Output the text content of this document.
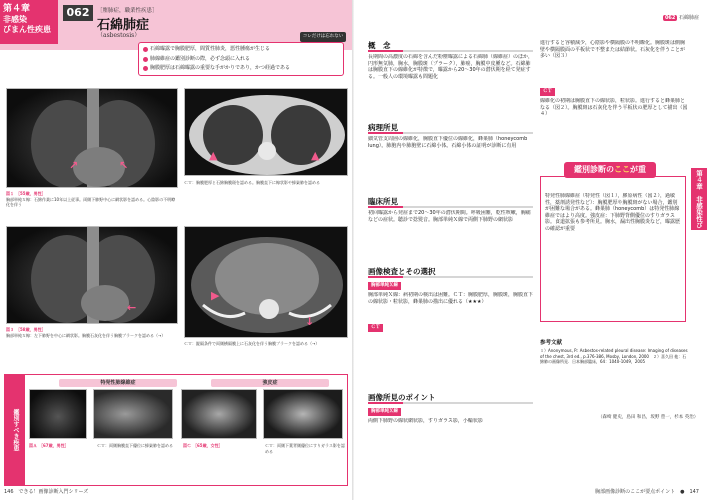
第４章
非感染
びまん性疾患
062	［塵肺症，職業性疾患］
石綿肺症
（asbestosis）	コレだけは忘れない
石綿曝露で胸膜肥厚，間質性肺炎，悪性腫瘍が生じる
肺線維症の鑑別診断の際，必ず念頭に入れる
胸膜肥厚は石綿曝露の重要な手がかりであり，かつ経過である
↗	↖
図１　［55歳，男性］
胸部単純Ｘ線：石綿作業に10年以上従事。両側下肺野中心に網状影を認める。心陰影の不明瞭化を伴う
▲	▲
ＣＴ：胸膜肥厚と石綿胸膜斑を認める。胸膜直下に線状影や蜂巣肺を認める
←
図３　［58歳，男性］
胸部単純Ｘ線：左下肺野を中心に網状影。胸膜石灰化を伴う胸膜プラークを認める（→）
▶
↓
ＣＴ：縦隔条件で両側横隔膜上に石灰化を伴う胸膜プラークを認める（→）
鑑別すべき疾患
特発性肺線維症	強皮症
図Ａ　［67歳，男性］	ＣＴ：両側胸膜直下優位に蜂巣肺を認める	図Ｃ　［65歳，女性］	ＣＴ：両側下葉背側優位にすりガラス影を認める
146　できる！画像診断入門シリーズ
062 石綿肺症
概　念
長期間の高濃度の石綿を含んだ粉塵曝露による石綿肺（線維症）のほか，円形無気肺，胸水，胸膜斑（プラーク），肺癌，胸膜中皮腫など。石綿肺は胸膜直下の線維化が特徴で，曝露から20〜30年の潜伏期を経て発症する。一般人の環境曝露も問題化
病理所見
細気管支周囲の線維化，胸膜直下優位の線維化，蜂巣肺（honeycomb lung）。肺胞内や肺胞壁に石綿小体。石綿小体の証明が診断に有用
臨床所見
初回曝露から発症まで20〜30年の潜伏期間。呼吸困難，乾性咳嗽，胸痛などの症状。聴診で捻髪音。胸部単純Ｘ線で両側下肺野の網状影
画像検査とその選択
胸部単純Ｘ線
胸部単純Ｘ線：病初期の検出は困難。ＣＴ：胸膜肥厚，胸膜斑，胸膜直下の線状影・粒状影，蜂巣肺の描出に優れる（★★★）
ＣＴ
画像所見のポイント
胸部単純Ｘ線
両側下肺野の線状網状影，すりガラス影，小輪状影
進行すると容積減少，心陰影や横隔膜の不明瞭化。胸膜斑は側胸壁や横隔膜面の平板状で不整または結節状。石灰化を伴うことが多い（図３）
ＣＴ
線維化の初期は胸膜直下の線状影，粒状影。進行すると蜂巣肺となる（図２）。胸膜斑は石灰化を伴う平板状の肥厚として描出（図４）
第４章　非感染性び
特発性肺線維症（特発性（図１），膠原病性（図２），過敏性，薬剤誘発性など）：胸膜肥厚や胸膜斑がない場合，鑑別が困難な場合がある。蜂巣肺（honeycomb）は特発性肺線維症ではより高度。強皮症：下肺野背側優位のすりガラス影。食道拡張も参考所見。胸水，漏出性胸膜炎など，曝露歴の確認が重要
鑑別診断のここが重要！！
参考文献
１）Anonymous, P.: Asbestos-related pleural disease: Imaging of diseases of the chest, 3rd ed., p.376-386, Mosby, London, 2000　２）喜久田 他：石綿肺の画像所見．日本胸部臨床，64：1040-1049，2005
（森崎 健史，島田 和昌，坂野 豊一，杉本 英治）
胸部画像診断のここが要点ポイント　●　147
